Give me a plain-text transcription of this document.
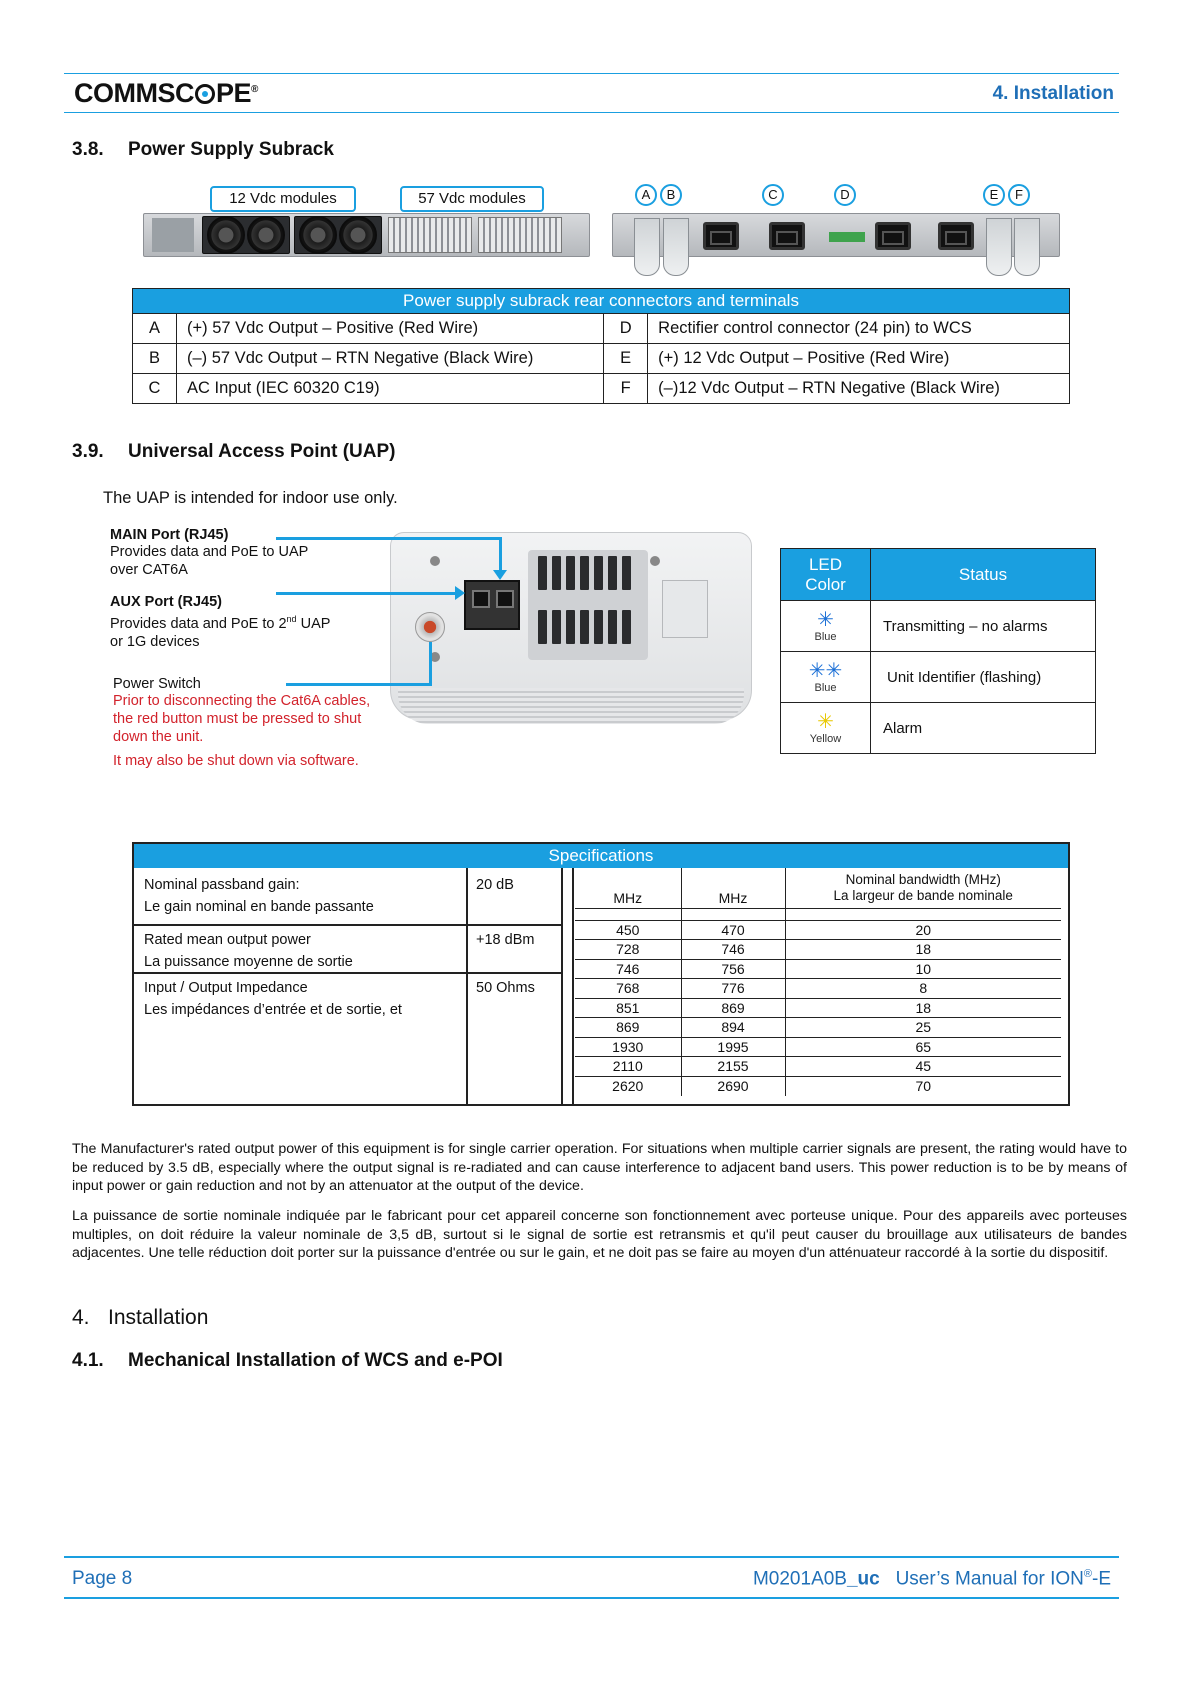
COMMSC PE®	4. Installation
3.8. Power Supply Subrack
12 Vdc modules	57 Vdc modules	A	B	C	D	E	F
Power supply subrack rear connectors and terminals			
A	(+) 57 Vdc Output – Positive (Red Wire)	D	Rectifier control connector (24 pin) to WCS
B	(–) 57 Vdc Output – RTN Negative (Black Wire)	E	(+) 12 Vdc Output – Positive (Red Wire)
C	AC Input (IEC 60320 C19)	F	(–)12 Vdc Output – RTN Negative (Black Wire)
3.9. Universal Access Point (UAP)
The UAP is intended for indoor use only.
MAIN Port (RJ45)
Provides data and PoE to UAP
over CAT6A
AUX Port (RJ45)
Provides data and PoE to 2nd UAP
or 1G devices
Power Switch
Prior to disconnecting the Cat6A cables,
the red button must be pressed to shut
down the unit.
It may also be shut down via software.
LED
Color	Status

✳
Blue	Transmitting – no alarms

✳✳
Blue	Unit Identifier (flashing)

✳
Yellow	Alarm
Specifications
Nominal passband gain:
Le gain nominal en bande passante
20 dB
Rated mean output power
La puissance moyenne de sortie
+18 dBm
Input / Output Impedance
Les impédances d’entrée et de sortie, et
50 Ohms
MHz	MHz	Nominal bandwidth (MHz)
La largeur de bande nominale

450	470	20
728	746	18
746	756	10
768	776	8
851	869	18
869	894	25
1930	1995	65
2110	2155	45
2620	2690	70

The Manufacturer's rated output power of this equipment is for single carrier operation. For situations when multiple carrier signals are present, the rating would have to be reduced by 3.5 dB, especially where the output signal is re-radiated and can cause interference to adjacent band users. This power reduction is to be by means of input power or gain reduction and not by an attenuator at the output of the device.

La puissance de sortie nominale indiquée par le fabricant pour cet appareil concerne son fonctionnement avec porteuse unique. Pour des appareils avec porteuses multiples, on doit réduire la valeur nominale de 3,5 dB, surtout si le signal de sortie est retransmis et qu'il peut causer du brouillage aux utilisateurs de bandes adjacentes. Une telle réduction doit porter sur la puissance d'entrée ou sur le gain, et ne doit pas se faire au moyen d'un atténuateur raccordé à la sortie du dispositif.

4. Installation
4.1. Mechanical Installation of WCS and e-POI
Page 8	M0201A0B_uc User’s Manual for ION®-E
